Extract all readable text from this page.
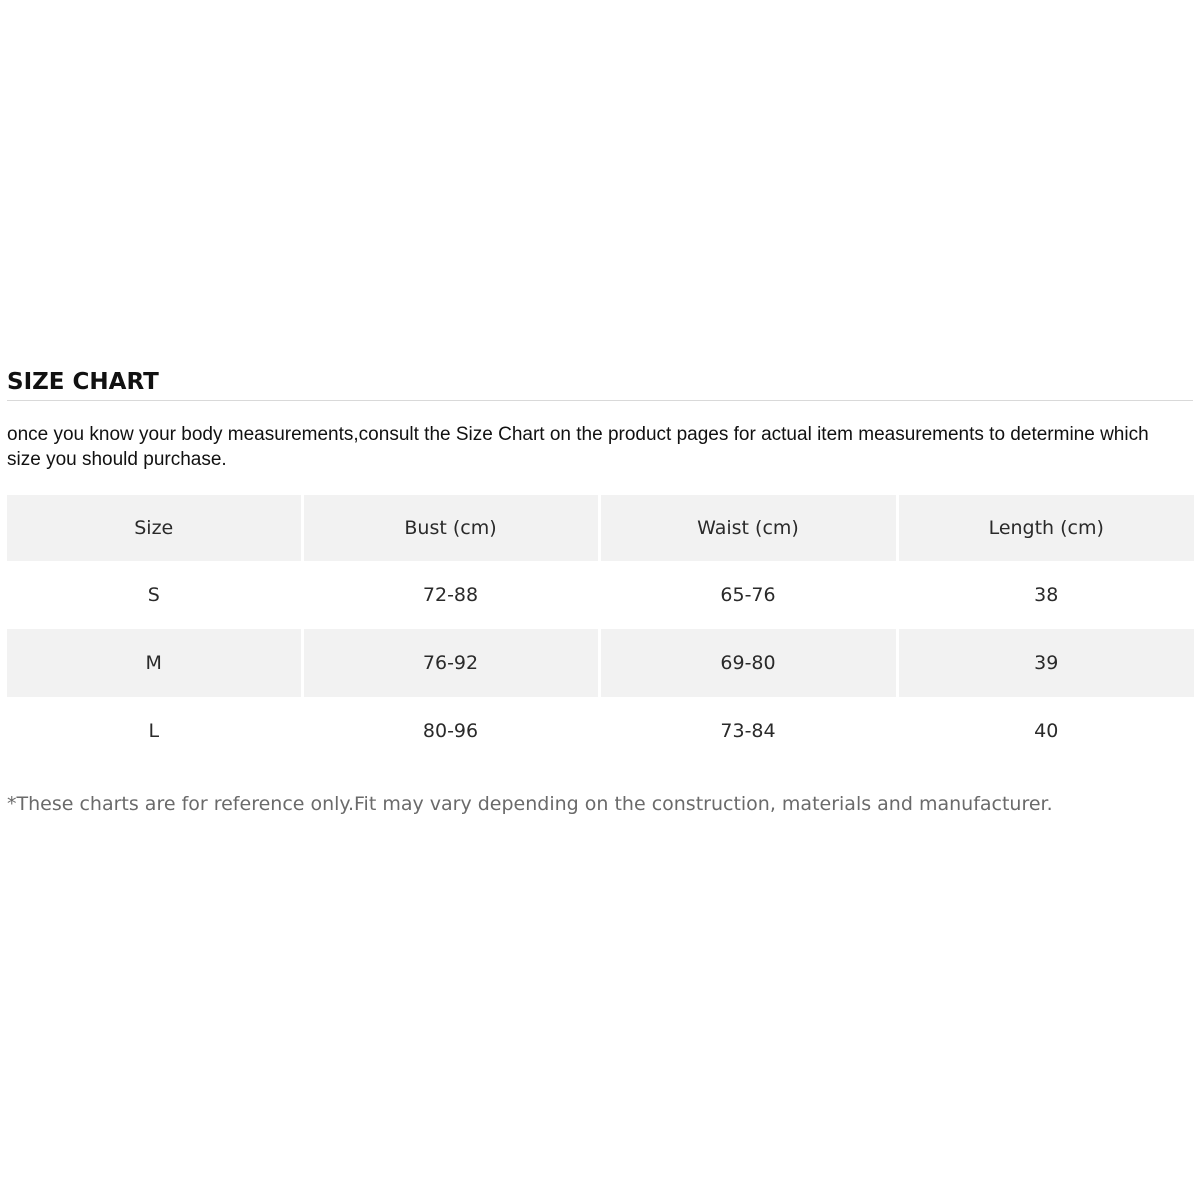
SIZE CHART

once you know your body measurements,consult the Size Chart on the product pages for actual item measurements to determine which size you should purchase.

Size	Bust (cm)	Waist (cm)	Length (cm)
S	72-88	65-76	38
M	76-92	69-80	39
L	80-96	73-84	40

*These charts are for reference only.Fit may vary depending on the construction, materials and manufacturer.
